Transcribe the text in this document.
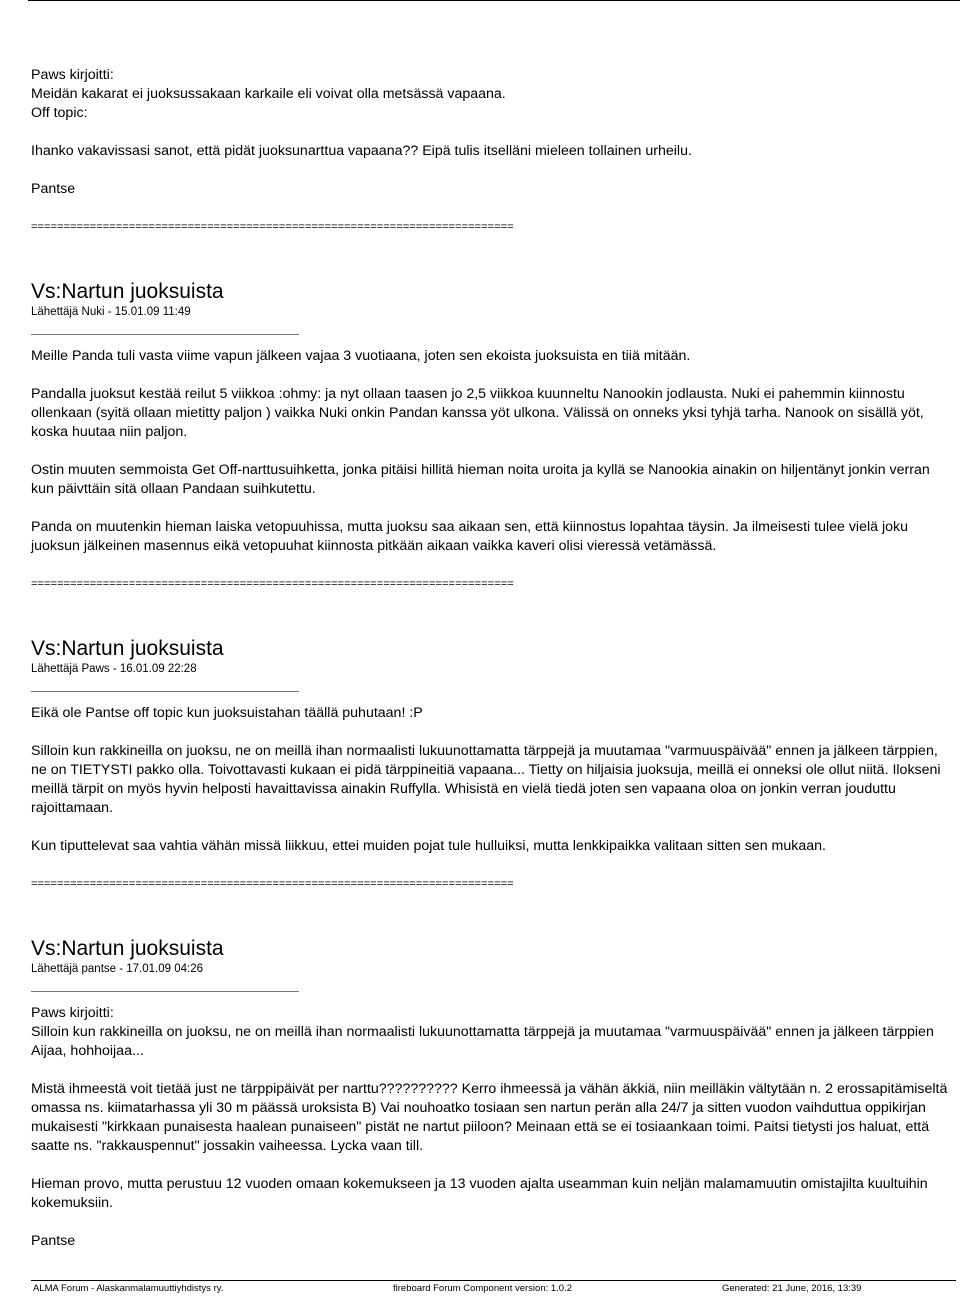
Paws kirjoitti:

Meidän kakarat ei juoksussakaan karkaile eli voivat olla metsässä vapaana.

Off topic:

Ihanko vakavissasi sanot, että pidät juoksunarttua vapaana?? Eipä tulis itselläni mieleen tollainen urheilu.

Pantse

==========================================================================
Vs:Nartun juoksuista
Lähettäjä Nuki - 15.01.09 11:49

Meille Panda tuli vasta viime vapun jälkeen vajaa 3 vuotiaana, joten sen ekoista juoksuista en tiiä mitään.

Pandalla juoksut kestää reilut 5 viikkoa :ohmy: ja nyt ollaan taasen jo 2,5 viikkoa kuunneltu Nanookin jodlausta. Nuki ei pahemmin kiinnostu ollenkaan (syitä ollaan mietitty paljon ) vaikka Nuki onkin Pandan kanssa yöt ulkona. Välissä on onneks yksi tyhjä tarha. Nanook on sisällä yöt, koska huutaa niin paljon.

Ostin muuten semmoista Get Off-narttusuihketta, jonka pitäisi hillitä hieman noita uroita ja kyllä se Nanookia ainakin on hiljentänyt jonkin verran kun päivttäin sitä ollaan Pandaan suihkutettu.

Panda on muutenkin hieman laiska vetopuuhissa, mutta juoksu saa aikaan sen, että kiinnostus lopahtaa täysin. Ja ilmeisesti tulee vielä joku juoksun jälkeinen masennus eikä vetopuuhat kiinnosta pitkään aikaan vaikka kaveri olisi vieressä vetämässä.

==========================================================================
Vs:Nartun juoksuista
Lähettäjä Paws - 16.01.09 22:28

Eikä ole Pantse off topic kun juoksuistahan täällä puhutaan! :P

Silloin kun rakkineilla on juoksu, ne on meillä ihan normaalisti lukuunottamatta tärppejä ja muutamaa "varmuuspäivää" ennen ja jälkeen tärppien, ne on TIETYSTI pakko olla. Toivottavasti kukaan ei pidä tärppineitiä vapaana... Tietty on hiljaisia juoksuja, meillä ei onneksi ole ollut niitä. Ilokseni meillä tärpit on myös hyvin helposti havaittavissa ainakin Ruffylla. Whisistä en vielä tiedä joten sen vapaana oloa on jonkin verran jouduttu rajoittamaan.

Kun tiputtelevat saa vahtia vähän missä liikkuu, ettei muiden pojat tule hulluiksi, mutta lenkkipaikka valitaan sitten sen mukaan.

==========================================================================
Vs:Nartun juoksuista
Lähettäjä pantse - 17.01.09 04:26

Paws kirjoitti:

Silloin kun rakkineilla on juoksu, ne on meillä ihan normaalisti lukuunottamatta tärppejä ja muutamaa "varmuuspäivää" ennen ja jälkeen tärppien

Aijaa, hohhoijaa...

Mistä ihmeestä voit tietää just ne tärppipäivät per narttu?????????? Kerro ihmeessä ja vähän äkkiä, niin meilläkin vältytään n. 2 erossapitämiseltä omassa ns. kiimatarhassa yli 30 m päässä uroksista B) Vai nouhoatko tosiaan sen nartun perän alla 24/7 ja sitten vuodon vaihduttua oppikirjan mukaisesti "kirkkaan punaisesta haalean punaiseen" pistät ne nartut piiloon? Meinaan että se ei tosiaankaan toimi. Paitsi tietysti jos haluat, että saatte ns. "rakkauspennut" jossakin vaiheessa. Lycka vaan till.

Hieman provo, mutta perustuu 12 vuoden omaan kokemukseen ja 13 vuoden ajalta useamman kuin neljän malamamuutin omistajilta kuultuihin kokemuksiin.

Pantse

ALMA Forum - Alaskanmalamuuttiyhdistys ry.	fireboard Forum Component version: 1.0.2	Generated: 21 June, 2016, 13:39
